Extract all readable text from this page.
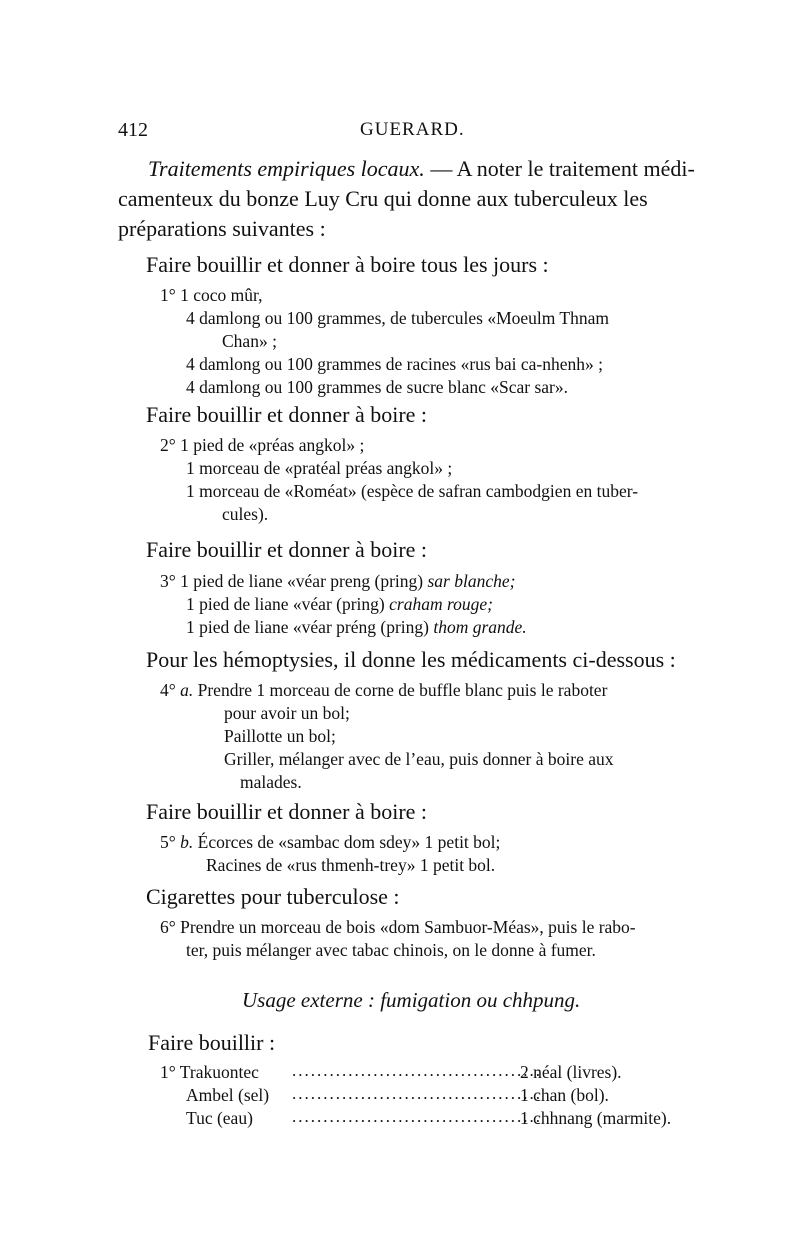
412	GUERARD.
Traitements empiriques locaux. — A noter le traitement médi-
camenteux du bonze Luy Cru qui donne aux tuberculeux les
préparations suivantes :
Faire bouillir et donner à boire tous les jours :
1° 1 coco mûr,
4 damlong ou 100 grammes, de tubercules «Moeulm Thnam
Chan» ;
4 damlong ou 100 grammes de racines «rus bai ca-nhenh» ;
4 damlong ou 100 grammes de sucre blanc «Scar sar».
Faire bouillir et donner à boire :
2° 1 pied de «préas angkol» ;
1 morceau de «pratéal préas angkol» ;
1 morceau de «Roméat» (espèce de safran cambodgien en tuber-
cules).
Faire bouillir et donner à boire :
3° 1 pied de liane «véar preng (pring) sar blanche;
1 pied de liane «véar (pring) craham rouge;
1 pied de liane «véar préng (pring) thom grande.
Pour les hémoptysies, il donne les médicaments ci-dessous :
4° a. Prendre 1 morceau de corne de buffle blanc puis le raboter
pour avoir un bol;
Paillotte un bol;
Griller, mélanger avec de l’eau, puis donner à boire aux
malades.
Faire bouillir et donner à boire :
5° b. Écorces de «sambac dom sdey» 1 petit bol;
Racines de «rus thmenh-trey» 1 petit bol.
Cigarettes pour tuberculose :
6° Prendre un morceau de bois «dom Sambuor-Méas», puis le rabo-
ter, puis mélanger avec tabac chinois, on le donne à fumer.
Usage externe : fumigation ou chhpung.
Faire bouillir :
1° Trakuontec ........................................
2 néal (livres).
Ambel (sel) ........................................
1 chan (bol).
Tuc (eau) ........................................
1 chhnang (marmite).
